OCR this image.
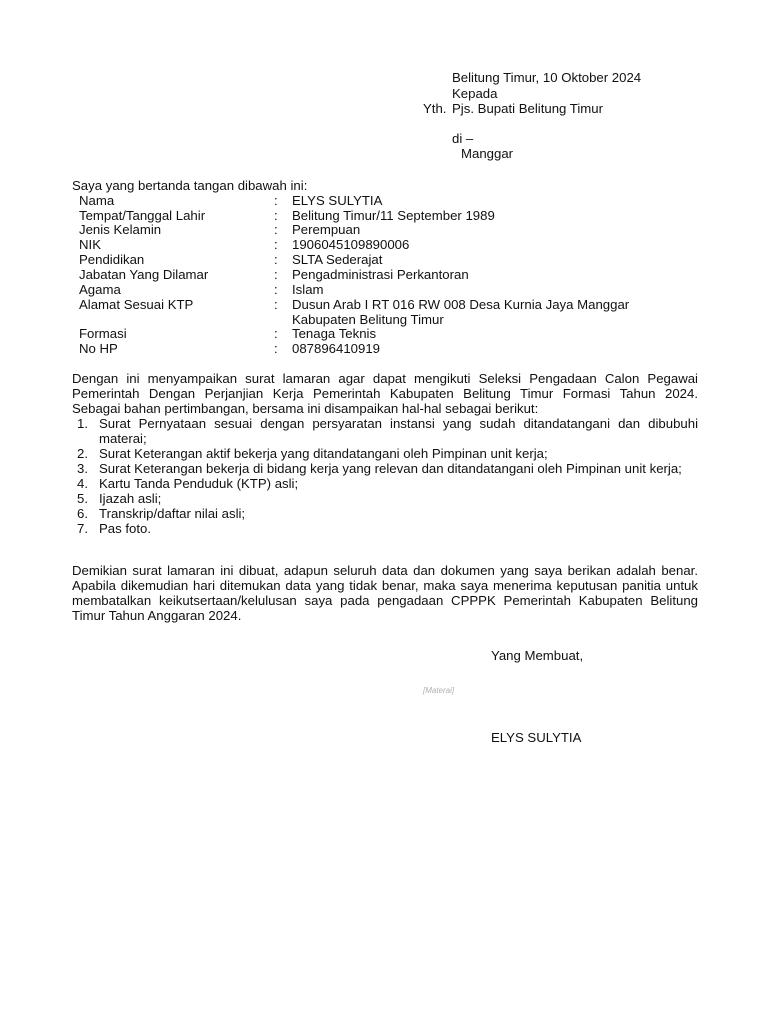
Belitung Timur, 10 Oktober 2024
Kepada
Yth. Pjs. Bupati Belitung Timur
di –
Manggar
Saya yang bertanda tangan dibawah ini:
Nama	: ELYS SULYTIA
Tempat/Tanggal Lahir	: Belitung Timur/11 September 1989
Jenis Kelamin	: Perempuan
NIK	: 1906045109890006
Pendidikan	: SLTA Sederajat
Jabatan Yang Dilamar	: Pengadministrasi Perkantoran
Agama	: Islam
Alamat Sesuai KTP	: Dusun Arab I RT 016 RW 008 Desa Kurnia Jaya Manggar
Kabupaten Belitung Timur
Formasi	: Tenaga Teknis
No HP	: 087896410919
Dengan ini menyampaikan surat lamaran agar dapat mengikuti Seleksi Pengadaan Calon Pegawai
Pemerintah Dengan Perjanjian Kerja Pemerintah Kabupaten Belitung Timur Formasi Tahun 2024.
Sebagai bahan pertimbangan, bersama ini disampaikan hal-hal sebagai berikut:
1. Surat Pernyataan sesuai dengan persyaratan instansi yang sudah ditandatangani dan dibubuhi materai;
2. Surat Keterangan aktif bekerja yang ditandatangani oleh Pimpinan unit kerja;
3. Surat Keterangan bekerja di bidang kerja yang relevan dan ditandatangani oleh Pimpinan unit kerja;
4. Kartu Tanda Penduduk (KTP) asli;
5. Ijazah asli;
6. Transkrip/daftar nilai asli;
7. Pas foto.
Demikian surat lamaran ini dibuat, adapun seluruh data dan dokumen yang saya berikan adalah benar. Apabila dikemudian hari ditemukan data yang tidak benar, maka saya menerima keputusan panitia untuk membatalkan keikutsertaan/kelulusan saya pada pengadaan CPPPK Pemerintah Kabupaten Belitung Timur Tahun Anggaran 2024.
Yang Membuat,
[Materai]
ELYS SULYTIA
